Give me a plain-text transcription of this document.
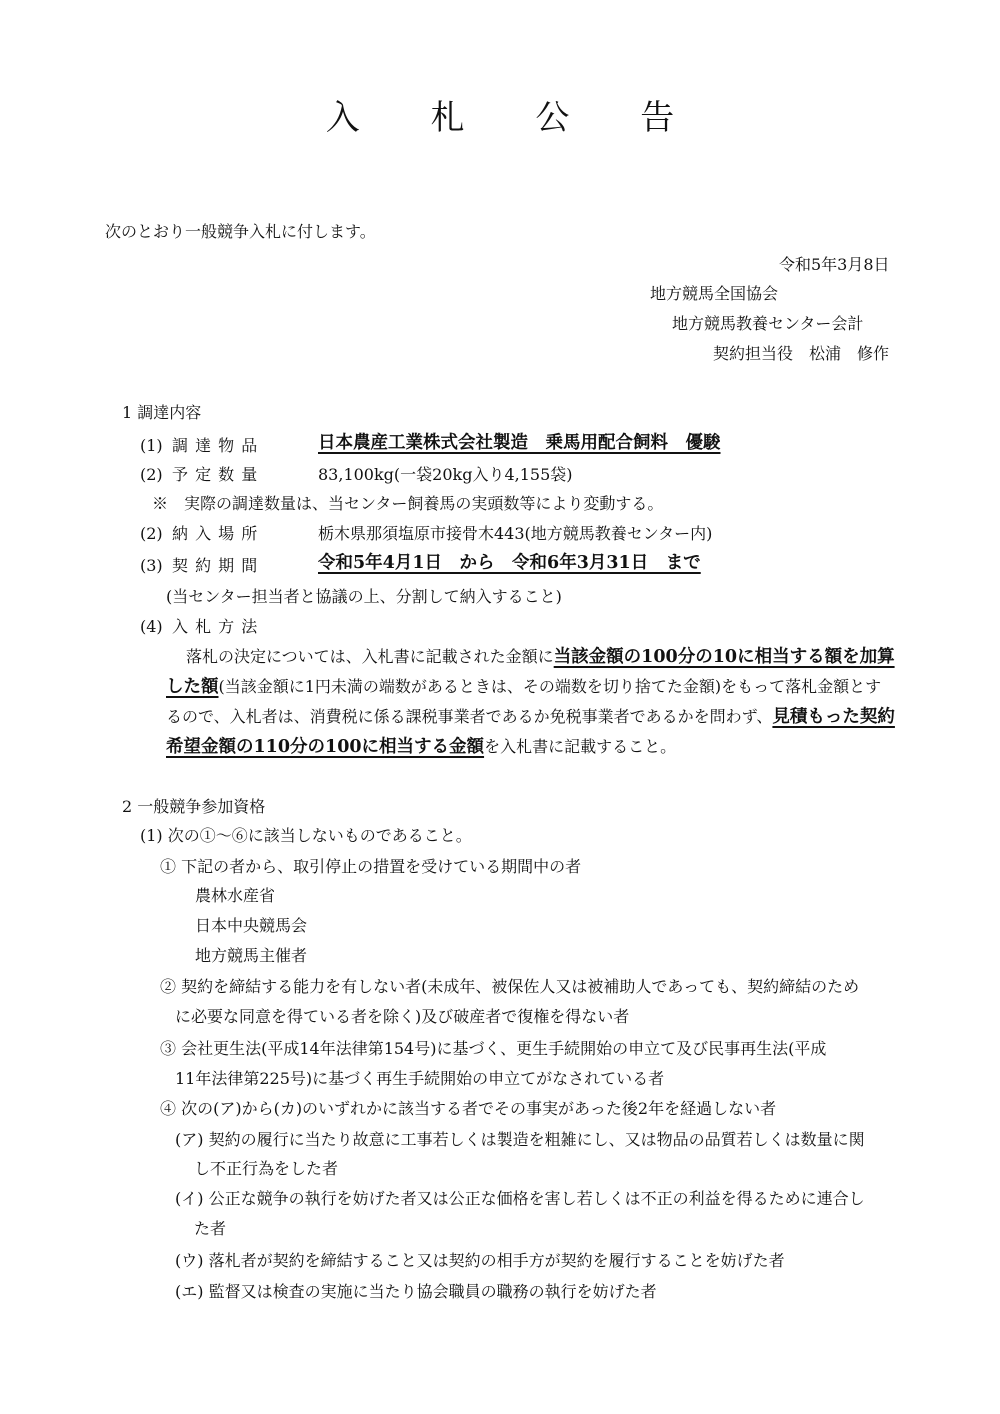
入 札 公 告
次のとおり一般競争入札に付します。
令和5年3月8日
地方競馬全国協会
地方競馬教養センター会計
契約担当役　松浦　修作
1 調達内容
(1) 調 達 物 品	日本農産工業株式会社製造　乗馬用配合飼料　優駿
(2) 予 定 数 量	83,100kg(一袋20kg入り4,155袋)
※　実際の調達数量は、当センター飼養馬の実頭数等により変動する。
(2) 納 入 場 所	栃木県那須塩原市接骨木443(地方競馬教養センター内)
(3) 契 約 期 間	令和5年4月1日　から　令和6年3月31日　まで
(当センター担当者と協議の上、分割して納入すること)
(4) 入 札 方 法
落札の決定については、入札書に記載された金額に当該金額の100分の10に相当する額を加算した額(当該金額に1円未満の端数があるときは、その端数を切り捨てた金額)をもって落札金額とするので、入札者は、消費税に係る課税事業者であるか免税事業者であるかを問わず、見積もった契約希望金額の110分の100に相当する金額を入札書に記載すること。
2 一般競争参加資格
(1) 次の①～⑥に該当しないものであること。
① 下記の者から、取引停止の措置を受けている期間中の者
農林水産省
日本中央競馬会
地方競馬主催者
② 契約を締結する能力を有しない者(未成年、被保佐人又は被補助人であっても、契約締結のため
に必要な同意を得ている者を除く)及び破産者で復権を得ない者
③ 会社更生法(平成14年法律第154号)に基づく、更生手続開始の申立て及び民事再生法(平成
11年法律第225号)に基づく再生手続開始の申立てがなされている者
④ 次の(ア)から(カ)のいずれかに該当する者でその事実があった後2年を経過しない者
(ア) 契約の履行に当たり故意に工事若しくは製造を粗雑にし、又は物品の品質若しくは数量に関
し不正行為をした者
(イ) 公正な競争の執行を妨げた者又は公正な価格を害し若しくは不正の利益を得るために連合し
た者
(ウ) 落札者が契約を締結すること又は契約の相手方が契約を履行することを妨げた者
(エ) 監督又は検査の実施に当たり協会職員の職務の執行を妨げた者
